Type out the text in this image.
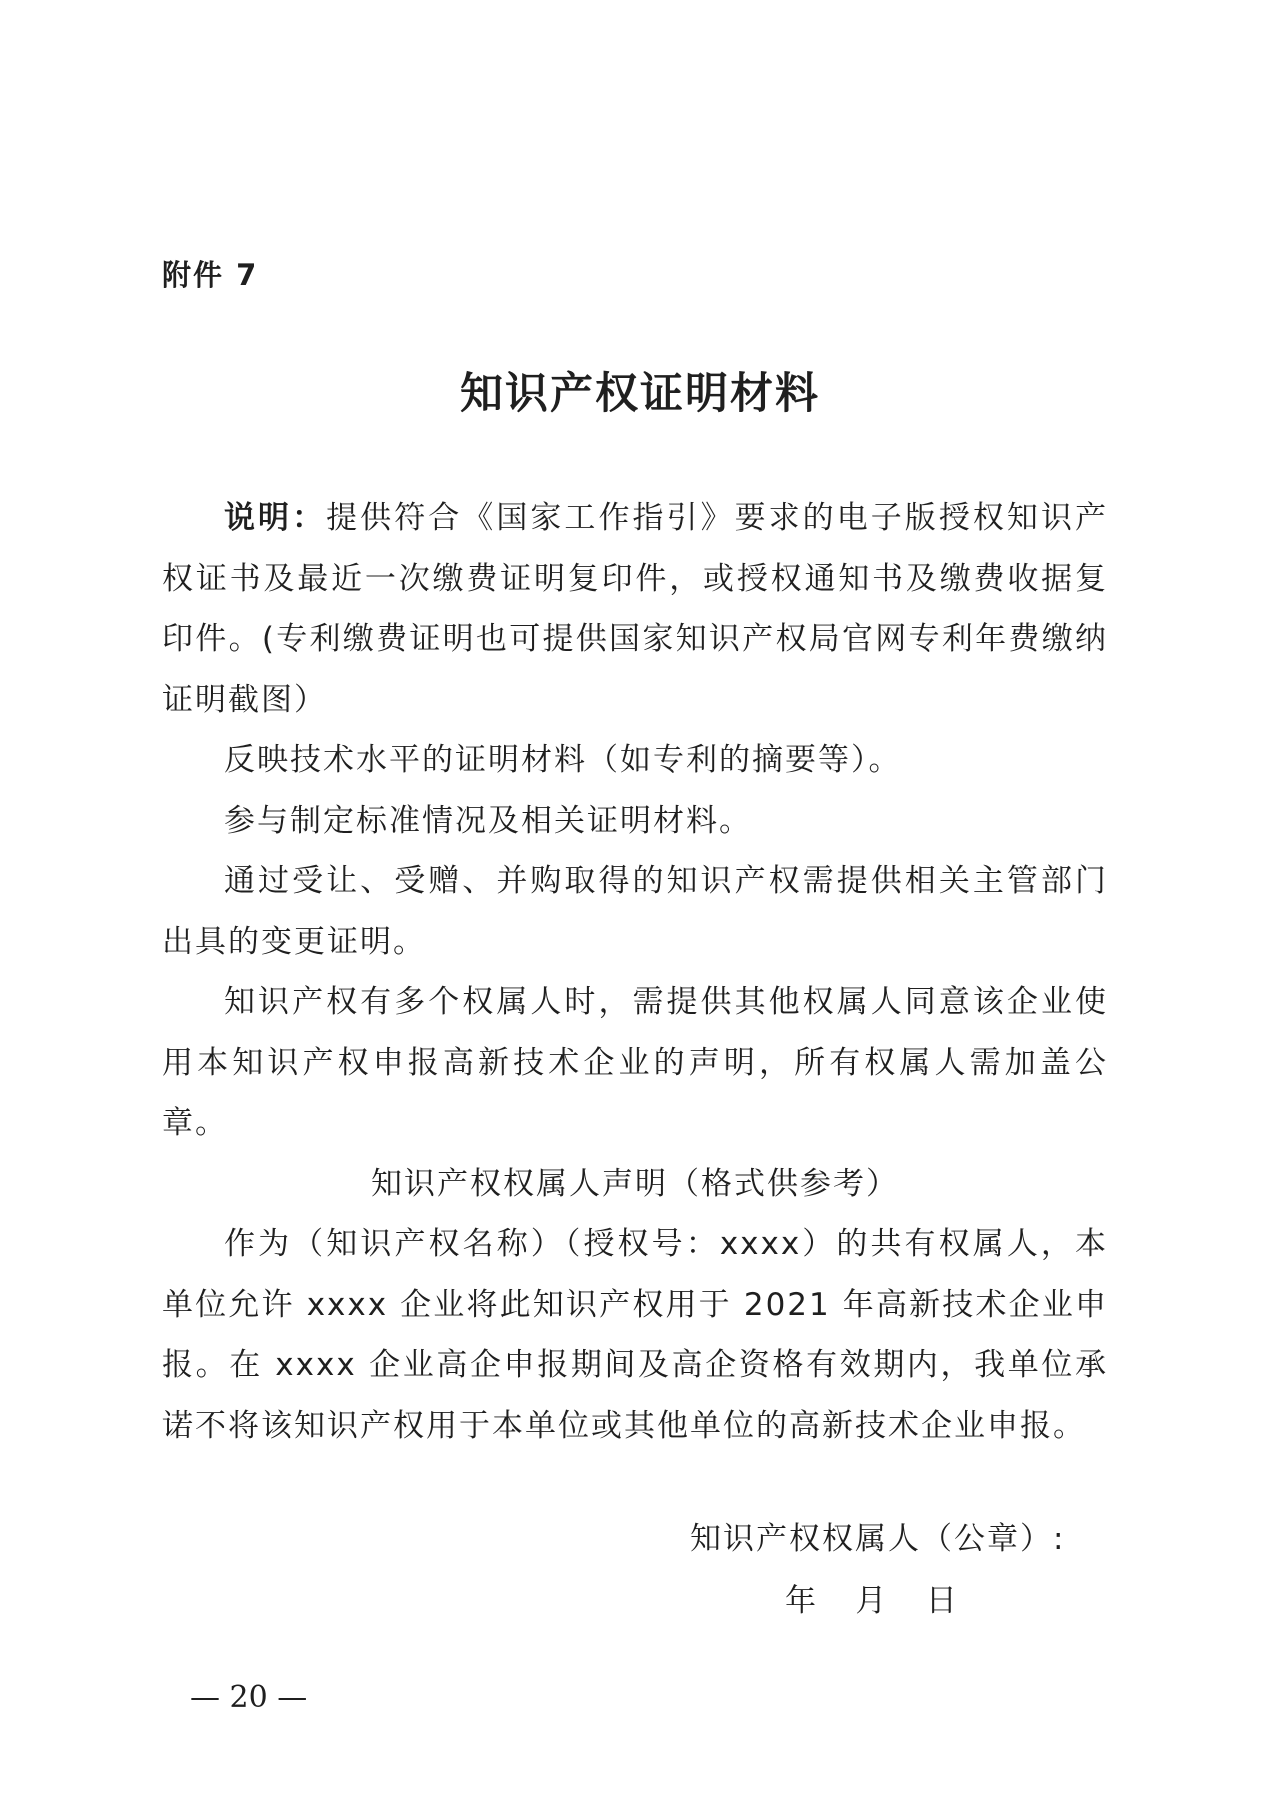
附件 7
知识产权证明材料

说明：提供符合《国家工作指引》要求的电子版授权知识产权证书及最近一次缴费证明复印件，或授权通知书及缴费收据复印件。(专利缴费证明也可提供国家知识产权局官网专利年费缴纳证明截图）

反映技术水平的证明材料（如专利的摘要等）。

参与制定标准情况及相关证明材料。

通过受让、受赠、并购取得的知识产权需提供相关主管部门出具的变更证明。

知识产权有多个权属人时，需提供其他权属人同意该企业使用本知识产权申报高新技术企业的声明，所有权属人需加盖公章。

知识产权权属人声明（格式供参考）

作为（知识产权名称）（授权号：xxxx）的共有权属人，本单位允许 xxxx 企业将此知识产权用于 2021 年高新技术企业申报。在 xxxx 企业高企申报期间及高企资格有效期内，我单位承诺不将该知识产权用于本单位或其他单位的高新技术企业申报。

知识产权权属人（公章）:
年    月    日
— 20 —
